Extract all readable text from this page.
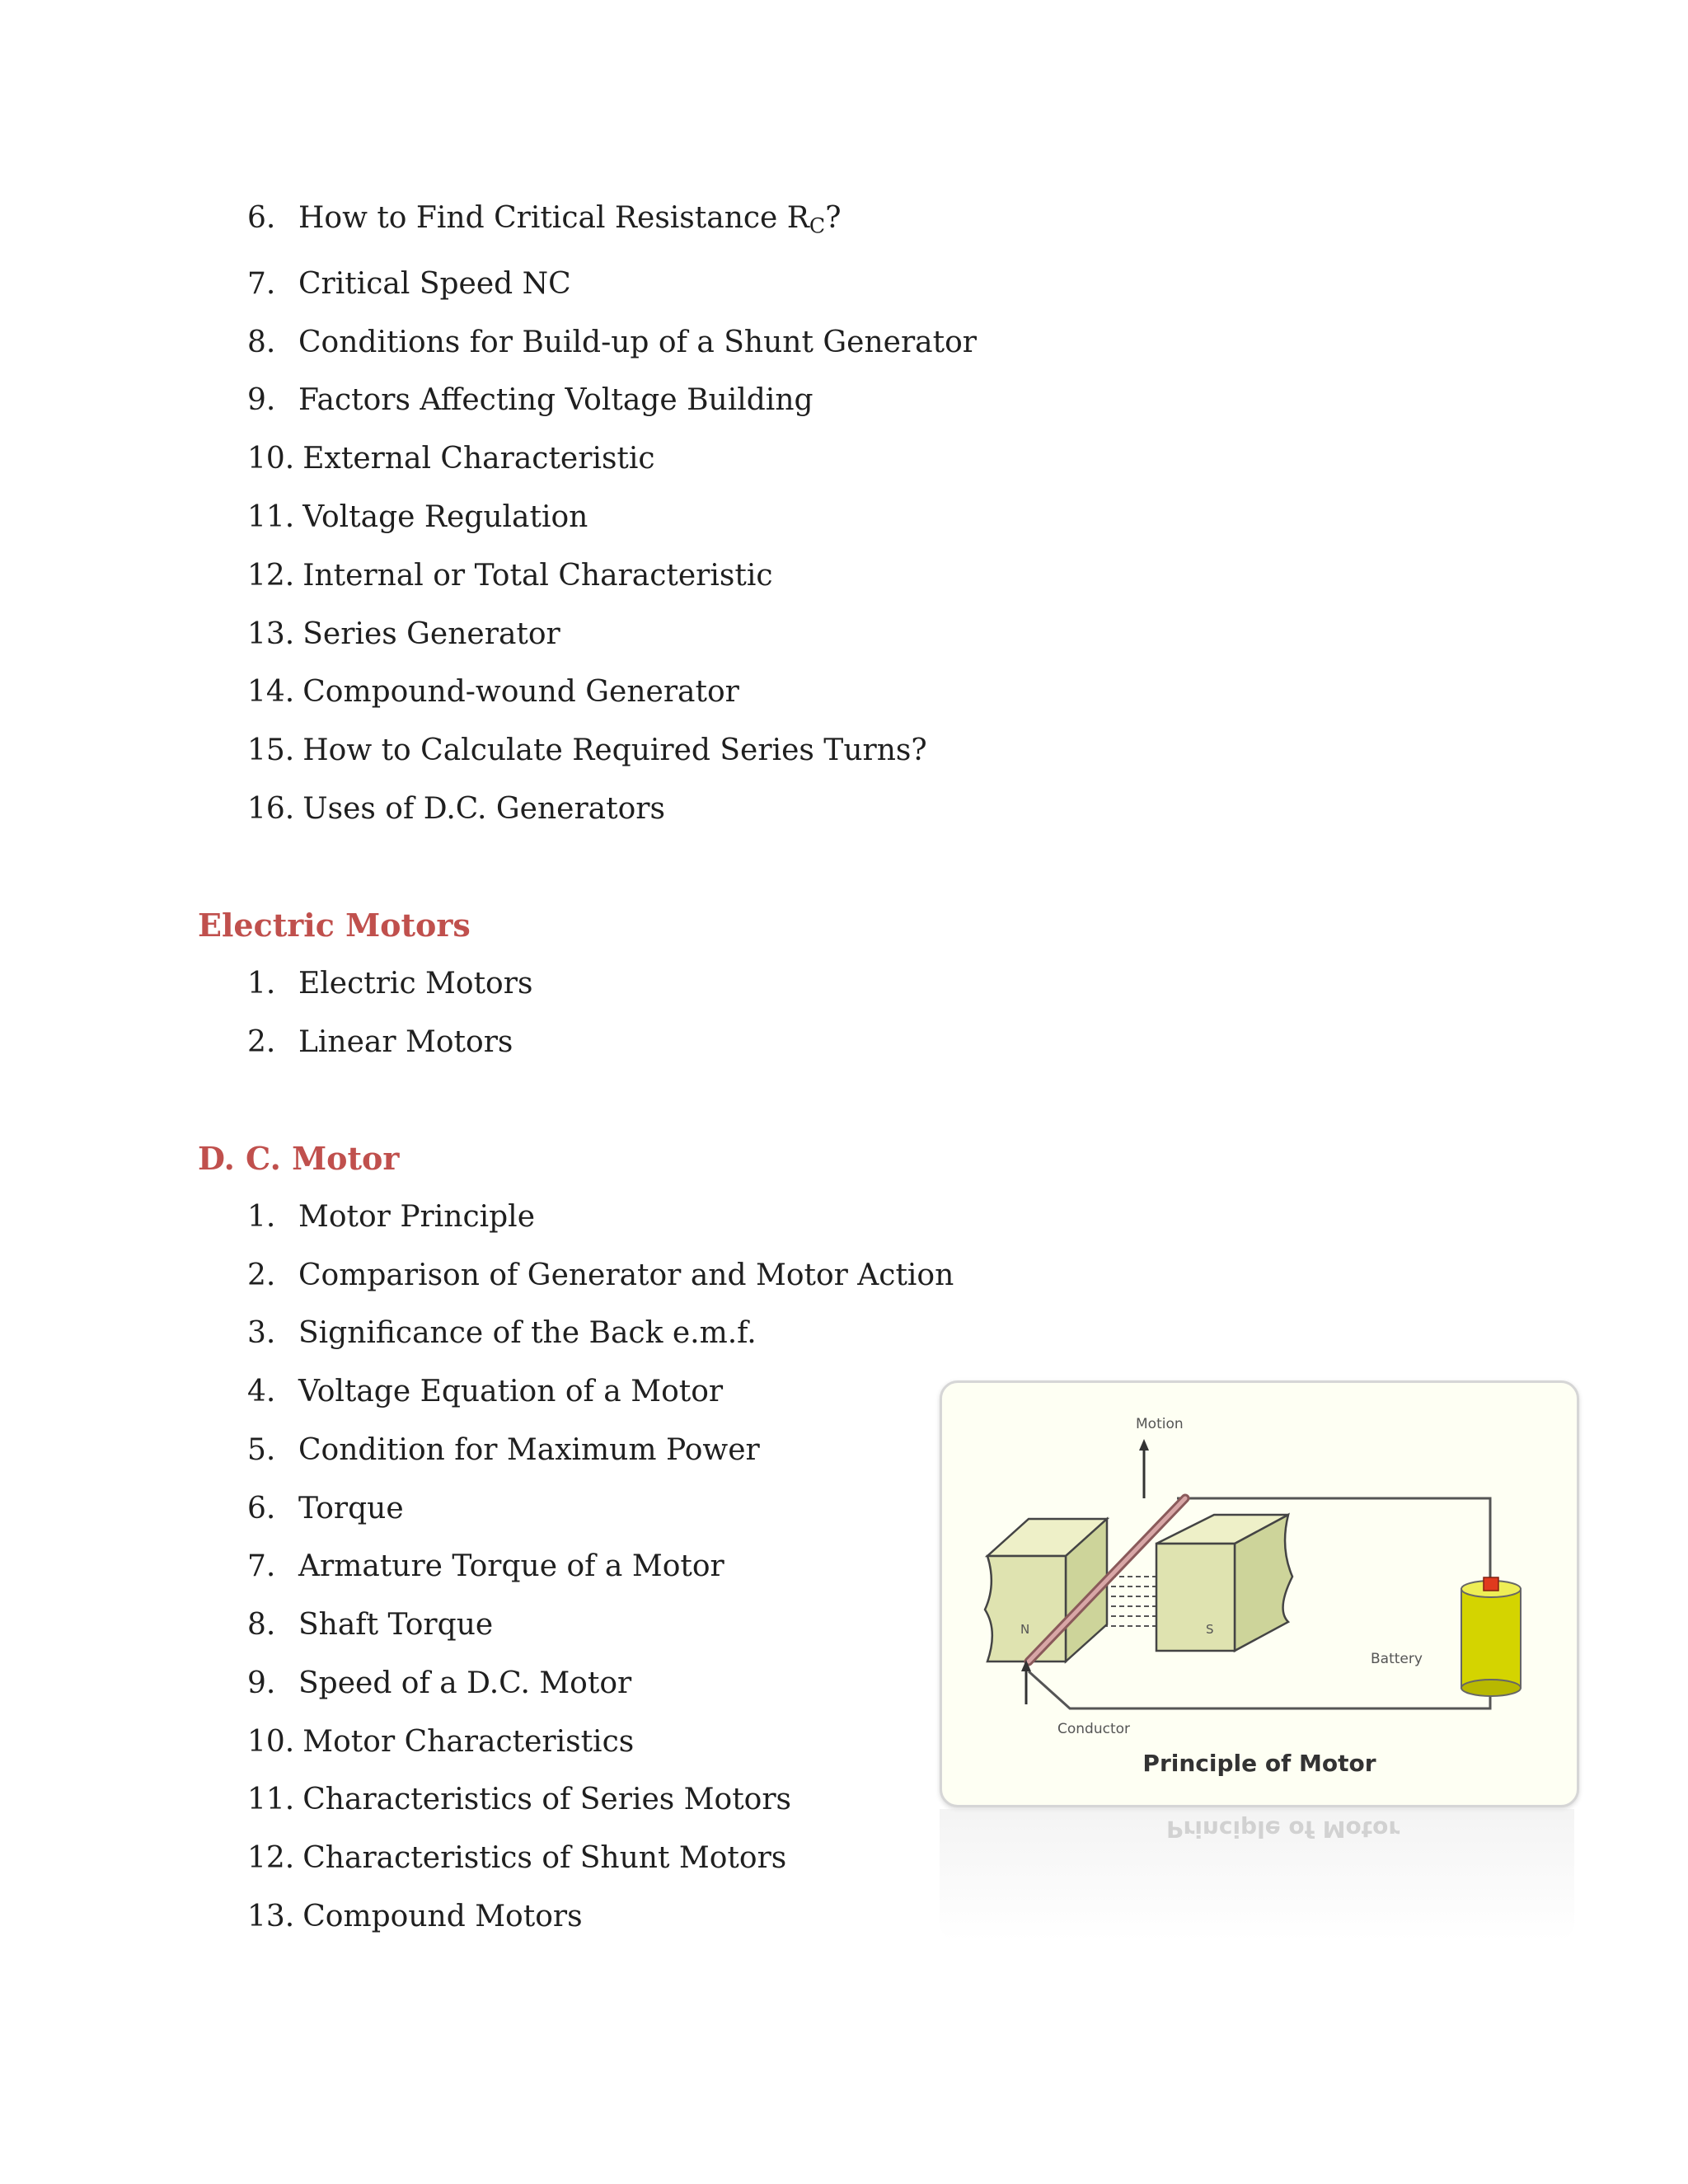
6. How to Find Critical Resistance $R_C$?
7. Critical Speed NC
8. Conditions for Build-up of a Shunt Generator
9. Factors Affecting Voltage Building
10. External Characteristic
11. Voltage Regulation
12. Internal or Total Characteristic
13. Series Generator
14. Compound-wound Generator
15. How to Calculate Required Series Turns?
16. Uses of D.C. Generators
Electric Motors
1. Electric Motors
2. Linear Motors
D. C. Motor
1. Motor Principle
2. Comparison of Generator and Motor Action
3. Significance of the Back e.m.f.
4. Voltage Equation of a Motor
5. Condition for Maximum Power
6. Torque
7. Armature Torque of a Motor
8. Shaft Torque
9. Speed of a D.C. Motor
10. Motor Characteristics
11. Characteristics of Series Motors
12. Characteristics of Shunt Motors
13. Compound Motors
Motion
N	S
Battery
Conductor
Principle of Motor
Principle of Motor
